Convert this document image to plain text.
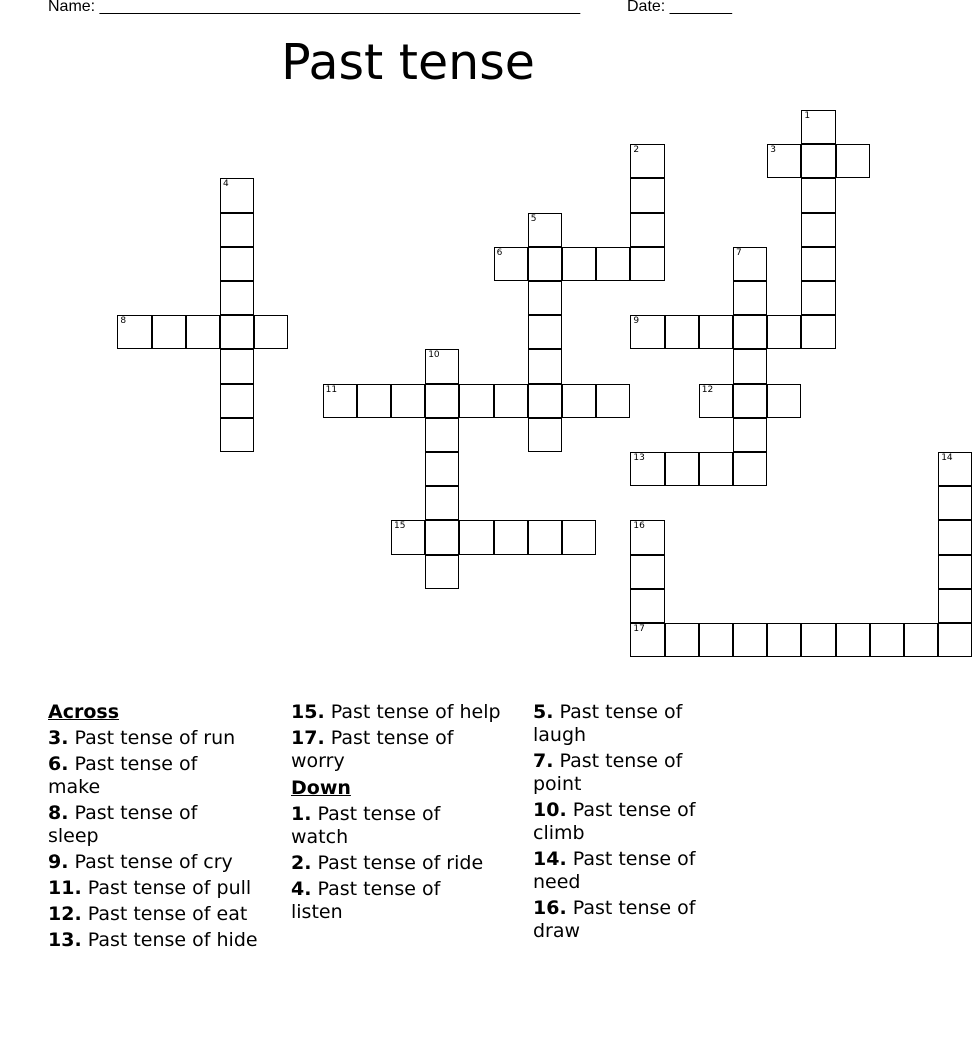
Name: ______________________________________________________	Date: _______
Past tense
1
2	3
4
5
6	7
8	9
10
11	12
13	14
15	16
17
Across
3. Past tense of run
6. Past tense of make
8. Past tense of sleep
9. Past tense of cry
11. Past tense of pull
12. Past tense of eat
13. Past tense of hide
15. Past tense of help
17. Past tense of worry
Down
1. Past tense of watch
2. Past tense of ride
4. Past tense of listen
5. Past tense of laugh
7. Past tense of point
10. Past tense of climb
14. Past tense of need
16. Past tense of draw
